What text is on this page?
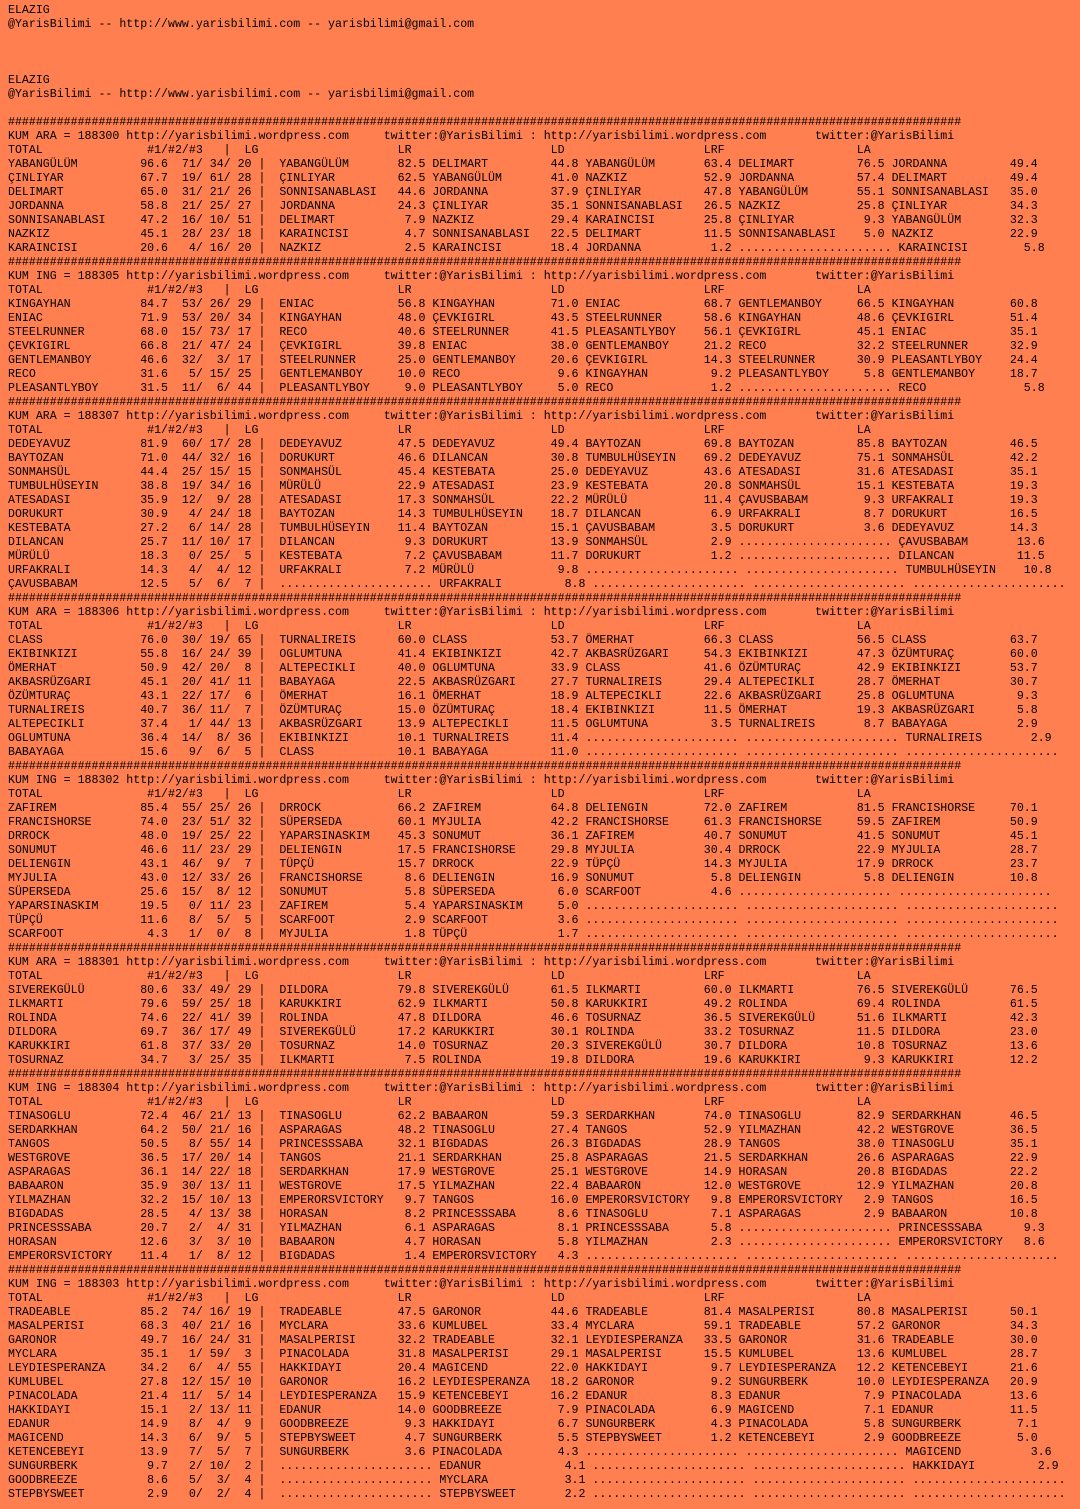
ELAZIG
@YarisBilimi -- http://www.yarisbilimi.com -- yarisbilimi@gmail.com
ELAZIG
@YarisBilimi -- http://www.yarisbilimi.com -- yarisbilimi@gmail.com
#########################################################################################################################################
KUM ARA = 188300 http://yarisbilimi.wordpress.com     twitter:@YarisBilimi : http://yarisbilimi.wordpress.com       twitter:@YarisBilimi
TOTAL               #1/#2/#3   |  LG                    LR                    LD                    LRF                   LA
YABANGÜLÜM         96.6  71/ 34/ 20 |  YABANGÜLÜM       82.5 DELIMART         44.8 YABANGÜLÜM       63.4 DELIMART         76.5 JORDANNA         49.4
ÇINLIYAR           67.7  19/ 61/ 28 |  ÇINLIYAR         62.5 YABANGÜLÜM       41.0 NAZKIZ           52.9 JORDANNA         57.4 DELIMART         49.4
DELIMART           65.0  31/ 21/ 26 |  SONNISANABLASI   44.6 JORDANNA         37.9 ÇINLIYAR         47.8 YABANGÜLÜM       55.1 SONNISANABLASI   35.0
JORDANNA           58.8  21/ 25/ 27 |  JORDANNA         24.3 ÇINLIYAR         35.1 SONNISANABLASI   26.5 NAZKIZ           25.8 ÇINLIYAR         34.3
SONNISANABLASI     47.2  16/ 10/ 51 |  DELIMART          7.9 NAZKIZ           29.4 KARAINCISI       25.8 ÇINLIYAR          9.3 YABANGÜLÜM       32.3
NAZKIZ             45.1  28/ 23/ 18 |  KARAINCISI        4.7 SONNISANABLASI   22.5 DELIMART         11.5 SONNISANABLASI    5.0 NAZKIZ           22.9
KARAINCISI         20.6   4/ 16/ 20 |  NAZKIZ            2.5 KARAINCISI       18.4 JORDANNA          1.2 ...................... KARAINCISI        5.8
#########################################################################################################################################
KUM ING = 188305 http://yarisbilimi.wordpress.com     twitter:@YarisBilimi : http://yarisbilimi.wordpress.com       twitter:@YarisBilimi
TOTAL               #1/#2/#3   |  LG                    LR                    LD                    LRF                   LA
KINGAYHAN          84.7  53/ 26/ 29 |  ENIAC            56.8 KINGAYHAN        71.0 ENIAC            68.7 GENTLEMANBOY     66.5 KINGAYHAN        60.8
ENIAC              71.9  53/ 20/ 34 |  KINGAYHAN        48.0 ÇEVKIGIRL        43.5 STEELRUNNER      58.6 KINGAYHAN        48.6 ÇEVKIGIRL        51.4
STEELRUNNER        68.0  15/ 73/ 17 |  RECO             40.6 STEELRUNNER      41.5 PLEASANTLYBOY    56.1 ÇEVKIGIRL        45.1 ENIAC            35.1
ÇEVKIGIRL          66.8  21/ 47/ 24 |  ÇEVKIGIRL        39.8 ENIAC            38.0 GENTLEMANBOY     21.2 RECO             32.2 STEELRUNNER      32.9
GENTLEMANBOY       46.6  32/  3/ 17 |  STEELRUNNER      25.0 GENTLEMANBOY     20.6 ÇEVKIGIRL        14.3 STEELRUNNER      30.9 PLEASANTLYBOY    24.4
RECO               31.6   5/ 15/ 25 |  GENTLEMANBOY     10.0 RECO              9.6 KINGAYHAN         9.2 PLEASANTLYBOY     5.8 GENTLEMANBOY     18.7
PLEASANTLYBOY      31.5  11/  6/ 44 |  PLEASANTLYBOY     9.0 PLEASANTLYBOY     5.0 RECO              1.2 ...................... RECO              5.8
#########################################################################################################################################
KUM ARA = 188307 http://yarisbilimi.wordpress.com     twitter:@YarisBilimi : http://yarisbilimi.wordpress.com       twitter:@YarisBilimi
TOTAL               #1/#2/#3   |  LG                    LR                    LD                    LRF                   LA
DEDEYAVUZ          81.9  60/ 17/ 28 |  DEDEYAVUZ        47.5 DEDEYAVUZ        49.4 BAYTOZAN         69.8 BAYTOZAN         85.8 BAYTOZAN         46.5
BAYTOZAN           71.0  44/ 32/ 16 |  DORUKURT         46.6 DILANCAN         30.8 TUMBULHÜSEYIN    69.2 DEDEYAVUZ        75.1 SONMAHSÜL        42.2
SONMAHSÜL          44.4  25/ 15/ 15 |  SONMAHSÜL        45.4 KESTEBATA        25.0 DEDEYAVUZ        43.6 ATESADASI        31.6 ATESADASI        35.1
TUMBULHÜSEYIN      38.8  19/ 34/ 16 |  MÜRÜLÜ           22.9 ATESADASI        23.9 KESTEBATA        20.8 SONMAHSÜL        15.1 KESTEBATA        19.3
ATESADASI          35.9  12/  9/ 28 |  ATESADASI        17.3 SONMAHSÜL        22.2 MÜRÜLÜ           11.4 ÇAVUSBABAM        9.3 URFAKRALI        19.3
DORUKURT           30.9   4/ 24/ 18 |  BAYTOZAN         14.3 TUMBULHÜSEYIN    18.7 DILANCAN          6.9 URFAKRALI         8.7 DORUKURT         16.5
KESTEBATA          27.2   6/ 14/ 28 |  TUMBULHÜSEYIN    11.4 BAYTOZAN         15.1 ÇAVUSBABAM        3.5 DORUKURT          3.6 DEDEYAVUZ        14.3
DILANCAN           25.7  11/ 10/ 17 |  DILANCAN          9.3 DORUKURT         13.9 SONMAHSÜL         2.9 ...................... ÇAVUSBABAM       13.6
MÜRÜLÜ             18.3   0/ 25/  5 |  KESTEBATA         7.2 ÇAVUSBABAM       11.7 DORUKURT          1.2 ...................... DILANCAN         11.5
URFAKRALI          14.3   4/  4/ 12 |  URFAKRALI         7.2 MÜRÜLÜ            9.8 ...................... ...................... TUMBULHÜSEYIN    10.8
ÇAVUSBABAM         12.5   5/  6/  7 |  ...................... URFAKRALI         8.8 ...................... ...................... ......................
#########################################################################################################################################
KUM ARA = 188306 http://yarisbilimi.wordpress.com     twitter:@YarisBilimi : http://yarisbilimi.wordpress.com       twitter:@YarisBilimi
TOTAL               #1/#2/#3   |  LG                    LR                    LD                    LRF                   LA
CLASS              76.0  30/ 19/ 65 |  TURNALIREIS      60.0 CLASS            53.7 ÖMERHAT          66.3 CLASS            56.5 CLASS            63.7
EKIBINKIZI         55.8  16/ 24/ 39 |  OGLUMTUNA        41.4 EKIBINKIZI       42.7 AKBASRÜZGARI     54.3 EKIBINKIZI       47.3 ÖZÜMTURAÇ        60.0
ÖMERHAT            50.9  42/ 20/  8 |  ALTEPECIKLI      40.0 OGLUMTUNA        33.9 CLASS            41.6 ÖZÜMTURAÇ        42.9 EKIBINKIZI       53.7
AKBASRÜZGARI       45.1  20/ 41/ 11 |  BABAYAGA         22.5 AKBASRÜZGARI     27.7 TURNALIREIS      29.4 ALTEPECIKLI      28.7 ÖMERHAT          30.7
ÖZÜMTURAÇ          43.1  22/ 17/  6 |  ÖMERHAT          16.1 ÖMERHAT          18.9 ALTEPECIKLI      22.6 AKBASRÜZGARI     25.8 OGLUMTUNA         9.3
TURNALIREIS        40.7  36/ 11/  7 |  ÖZÜMTURAÇ        15.0 ÖZÜMTURAÇ        18.4 EKIBINKIZI       11.5 ÖMERHAT          19.3 AKBASRÜZGARI      5.8
ALTEPECIKLI        37.4   1/ 44/ 13 |  AKBASRÜZGARI     13.9 ALTEPECIKLI      11.5 OGLUMTUNA         3.5 TURNALIREIS       8.7 BABAYAGA          2.9
OGLUMTUNA          36.4  14/  8/ 36 |  EKIBINKIZI       10.1 TURNALIREIS      11.4 ...................... ...................... TURNALIREIS       2.9
BABAYAGA           15.6   9/  6/  5 |  CLASS            10.1 BABAYAGA         11.0 ...................... ...................... ......................
#########################################################################################################################################
KUM ING = 188302 http://yarisbilimi.wordpress.com     twitter:@YarisBilimi : http://yarisbilimi.wordpress.com       twitter:@YarisBilimi
TOTAL               #1/#2/#3   |  LG                    LR                    LD                    LRF                   LA
ZAFIREM            85.4  55/ 25/ 26 |  DRROCK           66.2 ZAFIREM          64.8 DELIENGIN        72.0 ZAFIREM          81.5 FRANCISHORSE     70.1
FRANCISHORSE       74.0  23/ 51/ 32 |  SÜPERSEDA        60.1 MYJULIA          42.2 FRANCISHORSE     61.3 FRANCISHORSE     59.5 ZAFIREM          50.9
DRROCK             48.0  19/ 25/ 22 |  YAPARSINASKIM    45.3 SONUMUT          36.1 ZAFIREM          40.7 SONUMUT          41.5 SONUMUT          45.1
SONUMUT            46.6  11/ 23/ 29 |  DELIENGIN        17.5 FRANCISHORSE     29.8 MYJULIA          30.4 DRROCK           22.9 MYJULIA          28.7
DELIENGIN          43.1  46/  9/  7 |  TÜPÇÜ            15.7 DRROCK           22.9 TÜPÇÜ            14.3 MYJULIA          17.9 DRROCK           23.7
MYJULIA            43.0  12/ 33/ 26 |  FRANCISHORSE      8.6 DELIENGIN        16.9 SONUMUT           5.8 DELIENGIN         5.8 DELIENGIN        10.8
SÜPERSEDA          25.6  15/  8/ 12 |  SONUMUT           5.8 SÜPERSEDA         6.0 SCARFOOT          4.6 ...................... ......................
YAPARSINASKIM      19.5   0/ 11/ 23 |  ZAFIREM           5.4 YAPARSINASKIM     5.0 ...................... ...................... ......................
TÜPÇÜ              11.6   8/  5/  5 |  SCARFOOT          2.9 SCARFOOT          3.6 ...................... ...................... ......................
SCARFOOT            4.3   1/  0/  8 |  MYJULIA           1.8 TÜPÇÜ             1.7 ...................... ...................... ......................
#########################################################################################################################################
KUM ARA = 188301 http://yarisbilimi.wordpress.com     twitter:@YarisBilimi : http://yarisbilimi.wordpress.com       twitter:@YarisBilimi
TOTAL               #1/#2/#3   |  LG                    LR                    LD                    LRF                   LA
SIVEREKGÜLÜ        80.6  33/ 49/ 29 |  DILDORA          79.8 SIVEREKGÜLÜ      61.5 ILKMARTI         60.0 ILKMARTI         76.5 SIVEREKGÜLÜ      76.5
ILKMARTI           79.6  59/ 25/ 18 |  KARUKKIRI        62.9 ILKMARTI         50.8 KARUKKIRI        49.2 ROLINDA          69.4 ROLINDA          61.5
ROLINDA            74.6  22/ 41/ 39 |  ROLINDA          47.8 DILDORA          46.6 TOSURNAZ         36.5 SIVEREKGÜLÜ      51.6 ILKMARTI         42.3
DILDORA            69.7  36/ 17/ 49 |  SIVEREKGÜLÜ      17.2 KARUKKIRI        30.1 ROLINDA          33.2 TOSURNAZ         11.5 DILDORA          23.0
KARUKKIRI          61.8  37/ 33/ 20 |  TOSURNAZ         14.0 TOSURNAZ         20.3 SIVEREKGÜLÜ      30.7 DILDORA          10.8 TOSURNAZ         13.6
TOSURNAZ           34.7   3/ 25/ 35 |  ILKMARTI          7.5 ROLINDA          19.8 DILDORA          19.6 KARUKKIRI         9.3 KARUKKIRI        12.2
#########################################################################################################################################
KUM ING = 188304 http://yarisbilimi.wordpress.com     twitter:@YarisBilimi : http://yarisbilimi.wordpress.com       twitter:@YarisBilimi
TOTAL               #1/#2/#3   |  LG                    LR                    LD                    LRF                   LA
TINASOGLU          72.4  46/ 21/ 13 |  TINASOGLU        62.2 BABAARON         59.3 SERDARKHAN       74.0 TINASOGLU        82.9 SERDARKHAN       46.5
SERDARKHAN         64.2  50/ 21/ 16 |  ASPARAGAS        48.2 TINASOGLU        27.4 TANGOS           52.9 YILMAZHAN        42.2 WESTGROVE        36.5
TANGOS             50.5   8/ 55/ 14 |  PRINCESSSABA     32.1 BIGDADAS         26.3 BIGDADAS         28.9 TANGOS           38.0 TINASOGLU        35.1
WESTGROVE          36.5  17/ 20/ 14 |  TANGOS           21.1 SERDARKHAN       25.8 ASPARAGAS        21.5 SERDARKHAN       26.6 ASPARAGAS        22.9
ASPARAGAS          36.1  14/ 22/ 18 |  SERDARKHAN       17.9 WESTGROVE        25.1 WESTGROVE        14.9 HORASAN          20.8 BIGDADAS         22.2
BABAARON           35.9  30/ 13/ 11 |  WESTGROVE        17.5 YILMAZHAN        22.4 BABAARON         12.0 WESTGROVE        12.9 YILMAZHAN        20.8
YILMAZHAN          32.2  15/ 10/ 13 |  EMPERORSVICTORY   9.7 TANGOS           16.0 EMPERORSVICTORY   9.8 EMPERORSVICTORY   2.9 TANGOS           16.5
BIGDADAS           28.5   4/ 13/ 38 |  HORASAN           8.2 PRINCESSSABA      8.6 TINASOGLU         7.1 ASPARAGAS         2.9 BABAARON         10.8
PRINCESSSABA       20.7   2/  4/ 31 |  YILMAZHAN         6.1 ASPARAGAS         8.1 PRINCESSSABA      5.8 ...................... PRINCESSSABA      9.3
HORASAN            12.6   3/  3/ 10 |  BABAARON          4.7 HORASAN           5.8 YILMAZHAN         2.3 ...................... EMPERORSVICTORY   8.6
EMPERORSVICTORY    11.4   1/  8/ 12 |  BIGDADAS          1.4 EMPERORSVICTORY   4.3 ...................... ...................... ......................
#########################################################################################################################################
KUM ING = 188303 http://yarisbilimi.wordpress.com     twitter:@YarisBilimi : http://yarisbilimi.wordpress.com       twitter:@YarisBilimi
TOTAL               #1/#2/#3   |  LG                    LR                    LD                    LRF                   LA
TRADEABLE          85.2  74/ 16/ 19 |  TRADEABLE        47.5 GARONOR          44.6 TRADEABLE        81.4 MASALPERISI      80.8 MASALPERISI      50.1
MASALPERISI        68.3  40/ 21/ 16 |  MYCLARA          33.6 KUMLUBEL         33.4 MYCLARA          59.1 TRADEABLE        57.2 GARONOR          34.3
GARONOR            49.7  16/ 24/ 31 |  MASALPERISI      32.2 TRADEABLE        32.1 LEYDIESPERANZA   33.5 GARONOR          31.6 TRADEABLE        30.0
MYCLARA            35.1   1/ 59/  3 |  PINACOLADA       31.8 MASALPERISI      29.1 MASALPERISI      15.5 KUMLUBEL         13.6 KUMLUBEL         28.7
LEYDIESPERANZA     34.2   6/  4/ 55 |  HAKKIDAYI        20.4 MAGICEND         22.0 HAKKIDAYI         9.7 LEYDIESPERANZA   12.2 KETENCEBEYI      21.6
KUMLUBEL           27.8  12/ 15/ 10 |  GARONOR          16.2 LEYDIESPERANZA   18.2 GARONOR           9.2 SUNGURBERK       10.0 LEYDIESPERANZA   20.9
PINACOLADA         21.4  11/  5/ 14 |  LEYDIESPERANZA   15.9 KETENCEBEYI      16.2 EDANUR            8.3 EDANUR            7.9 PINACOLADA       13.6
HAKKIDAYI          15.1   2/ 13/ 11 |  EDANUR           14.0 GOODBREEZE        7.9 PINACOLADA        6.9 MAGICEND          7.1 EDANUR           11.5
EDANUR             14.9   8/  4/  9 |  GOODBREEZE        9.3 HAKKIDAYI         6.7 SUNGURBERK        4.3 PINACOLADA        5.8 SUNGURBERK        7.1
MAGICEND           14.3   6/  9/  5 |  STEPBYSWEET       4.7 SUNGURBERK        5.5 STEPBYSWEET       1.2 KETENCEBEYI       2.9 GOODBREEZE        5.0
KETENCEBEYI        13.9   7/  5/  7 |  SUNGURBERK        3.6 PINACOLADA        4.3 ...................... ...................... MAGICEND          3.6
SUNGURBERK          9.7   2/ 10/  2 |  ...................... EDANUR            4.1 ...................... ...................... HAKKIDAYI         2.9
GOODBREEZE          8.6   5/  3/  4 |  ...................... MYCLARA           3.1 ...................... ...................... ......................
STEPBYSWEET         2.9   0/  2/  4 |  ...................... STEPBYSWEET       2.2 ...................... ...................... ......................
